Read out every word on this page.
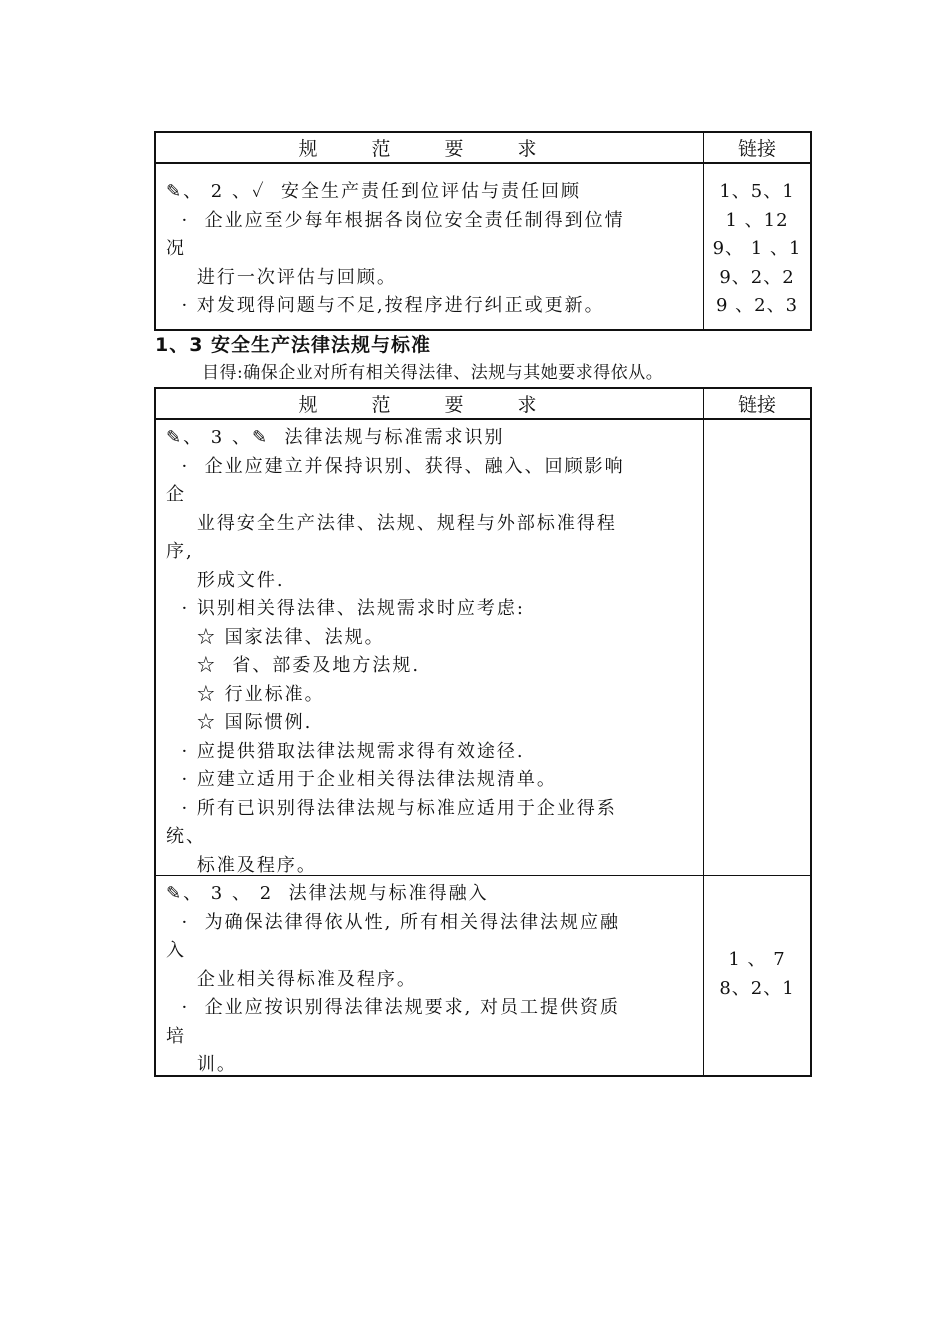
规 范 要 求	链接
✎、 2 、✓  安全生产责任到位评估与责任回顾
·  企业应至少每年根据各岗位安全责任制得到位情
况
进行一次评估与回顾。
· 对发现得问题与不足,按程序进行纠正或更新。
1、5、1
1 、12
9、 1 、1
9、2、2
9 、2、3
1、3 安全生产法律法规与标准
目得:确保企业对所有相关得法律、法规与其她要求得依从。
规 范 要 求	链接
✎、 3 、✎  法律法规与标准需求识别
·  企业应建立并保持识别、获得、融入、回顾影响
企
业得安全生产法律、法规、规程与外部标准得程
序,
形成文件.
· 识别相关得法律、法规需求时应考虑:
☆ 国家法律、法规。
☆  省、部委及地方法规.
☆ 行业标准。
☆ 国际惯例.
· 应提供猎取法律法规需求得有效途径.
· 应建立适用于企业相关得法律法规清单。
· 所有已识别得法律法规与标准应适用于企业得系
统、
标准及程序。
✎、 3 、 2  法律法规与标准得融入
·  为确保法律得依从性, 所有相关得法律法规应融
入
企业相关得标准及程序。
·  企业应按识别得法律法规要求, 对员工提供资质
培
训。
1 、 7
8、2、1
